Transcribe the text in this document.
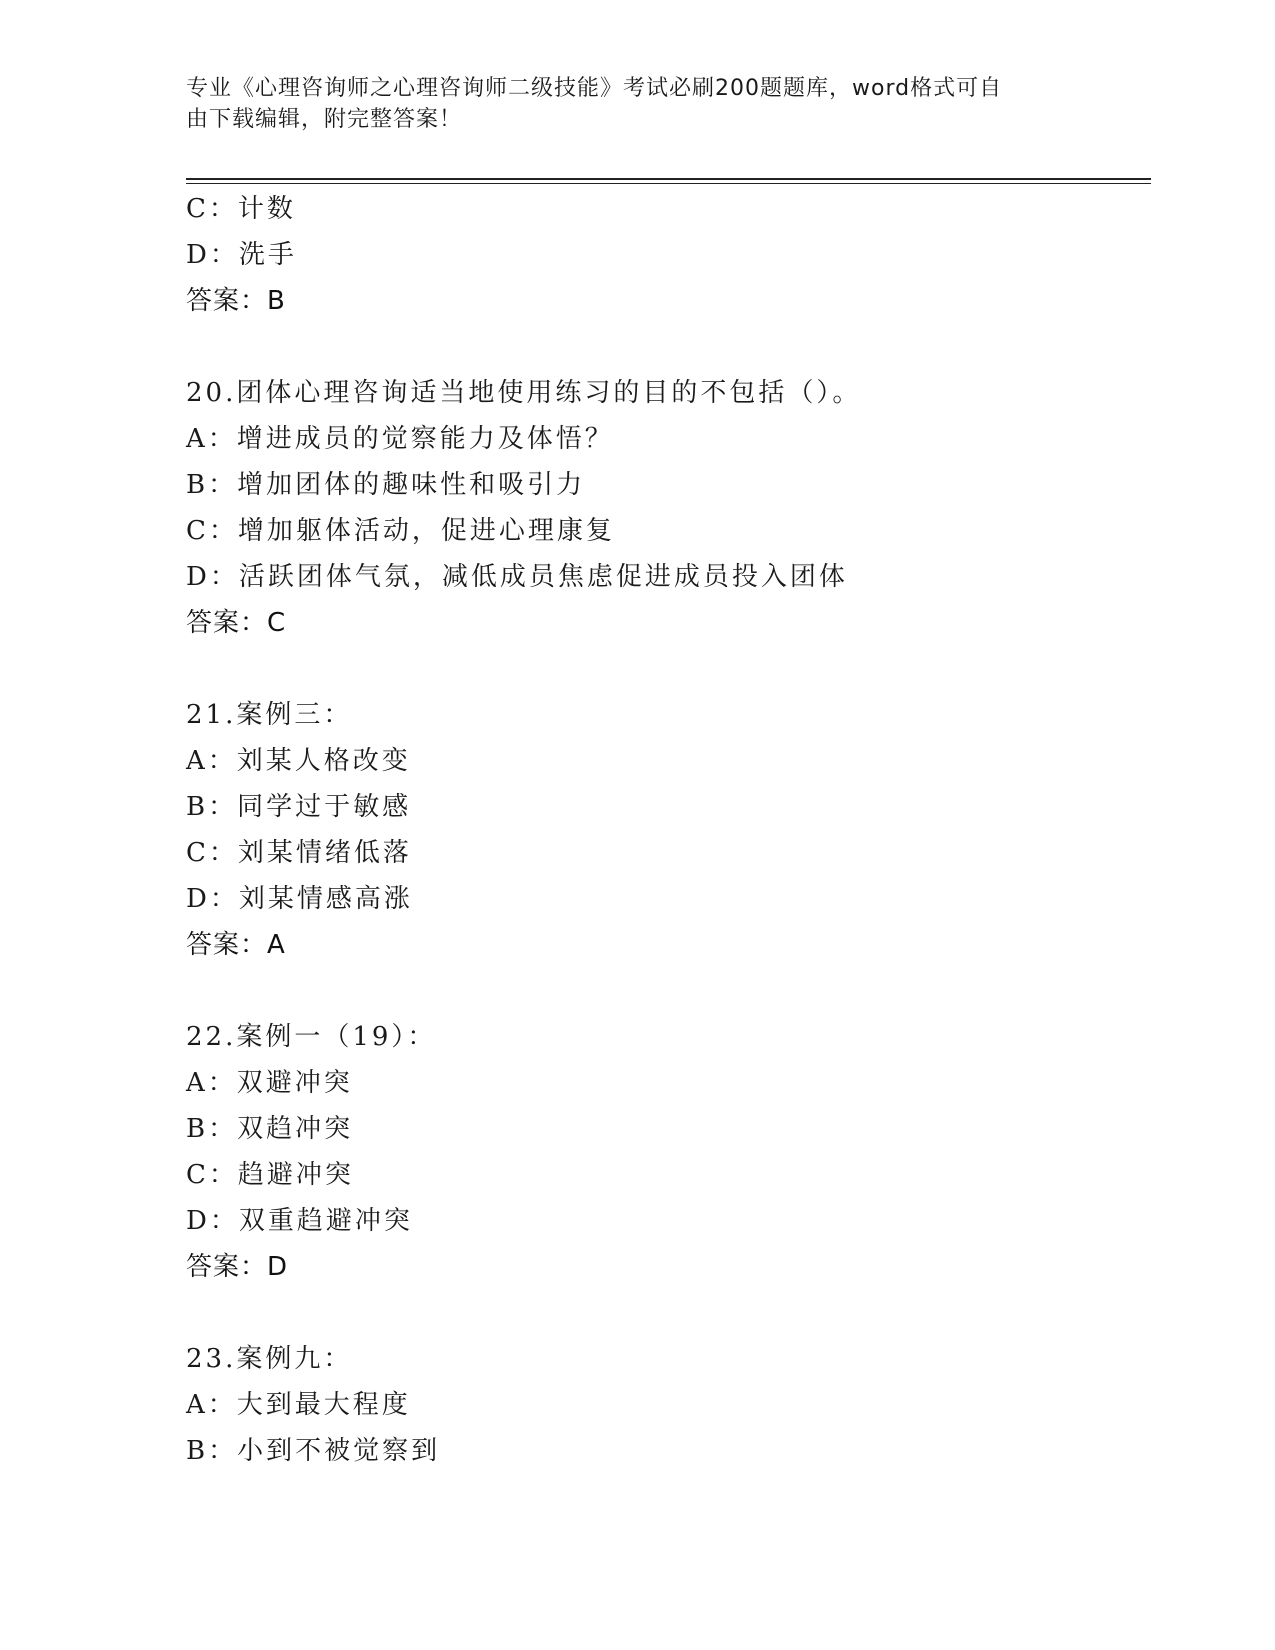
专业《心理咨询师之心理咨询师二级技能》考试必刷200题题库，word格式可自
由下载编辑，附完整答案！
C：计数
D：洗手
答案：B
20.团体心理咨询适当地使用练习的目的不包括（）。
A：增进成员的觉察能力及体悟？
B：增加团体的趣味性和吸引力
C：增加躯体活动，促进心理康复
D：活跃团体气氛，减低成员焦虑促进成员投入团体
答案：C
21.案例三：
A：刘某人格改变
B：同学过于敏感
C：刘某情绪低落
D：刘某情感高涨
答案：A
22.案例一（19）：
A：双避冲突
B：双趋冲突
C：趋避冲突
D：双重趋避冲突
答案：D
23.案例九：
A：大到最大程度
B：小到不被觉察到
